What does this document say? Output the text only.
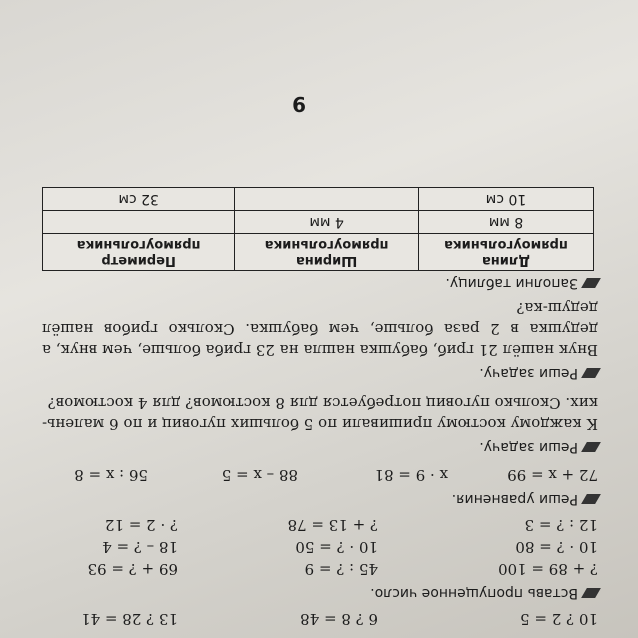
10 ? 2 = 5
6 ? 8 = 48
13 ? 28 = 41
Вставь пропущенное число.
? + 89 = 100
45 : ? = 9
69 + ? = 93
10 · ? = 80
10 · ? = 50
18 – ? = 4
12 : ? = 3
? + 13 = 78
? · 2 = 12
Реши уравнения.
72 + x = 99
x · 9 = 81
88 – x = 5
56 : x = 8
Реши задачу.
К каждому костюму пришивали по 5 больших пуговиц и по 6 малень-ких. Сколько пуговиц потребуется для 8 костюмов? для 4 костюмов?
Реши задачу.
Внук нашёл 21 гриб, бабушка нашла на 23 гриба больше, чем внук, а дедушка в 2 раза больше, чем бабушка. Сколько грибов нашёл дедуш-ка?
Заполни таблицу.
Длина прямоугольника	Ширина прямоугольника	Периметр прямоугольника
8 мм	4 мм	
10 см		32 см
9
